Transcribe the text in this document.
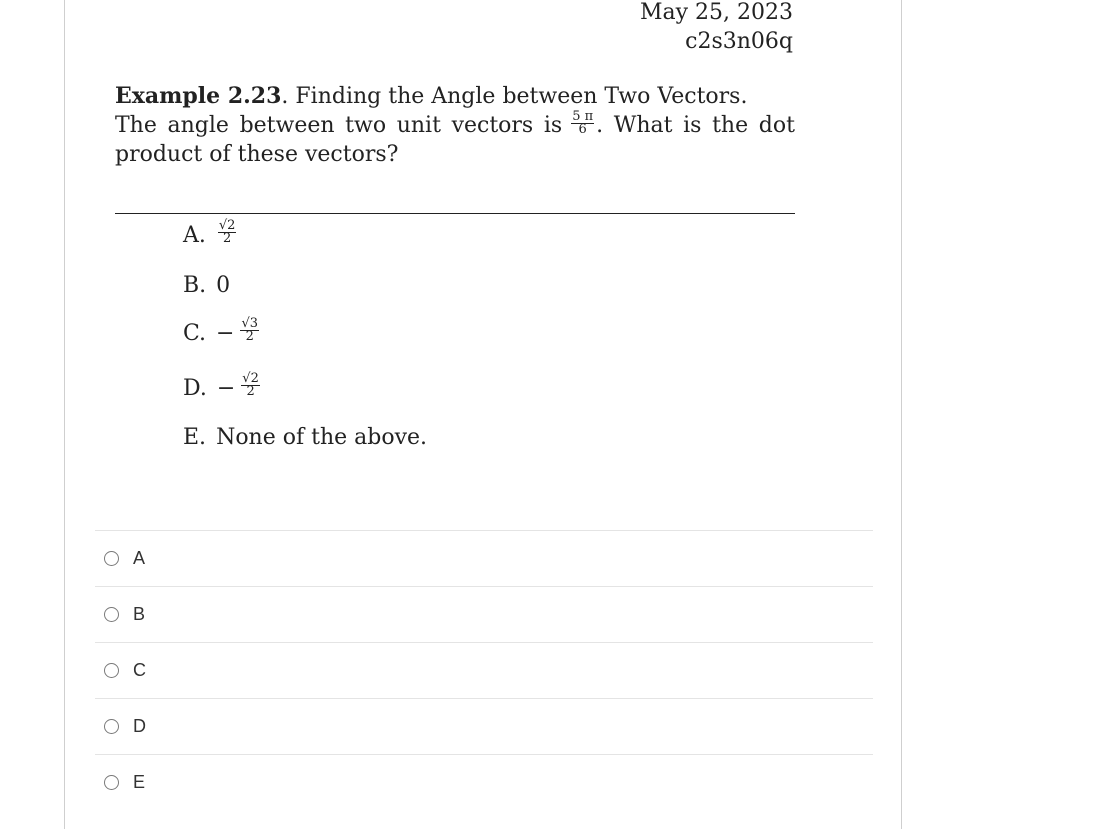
May 25, 2023
c2s3n06q
Example 2.23. Finding the Angle between Two Vectors.
The angle between two unit vectors is $\frac{5 \pi}{6}$ . What is the dot
product of these vectors?
A. $\frac{√2}{2}$
B. 0
C. − $\frac{√3}{2}$
D. − $\frac{√2}{2}$
E. None of the above.
A
B
C
D
E
